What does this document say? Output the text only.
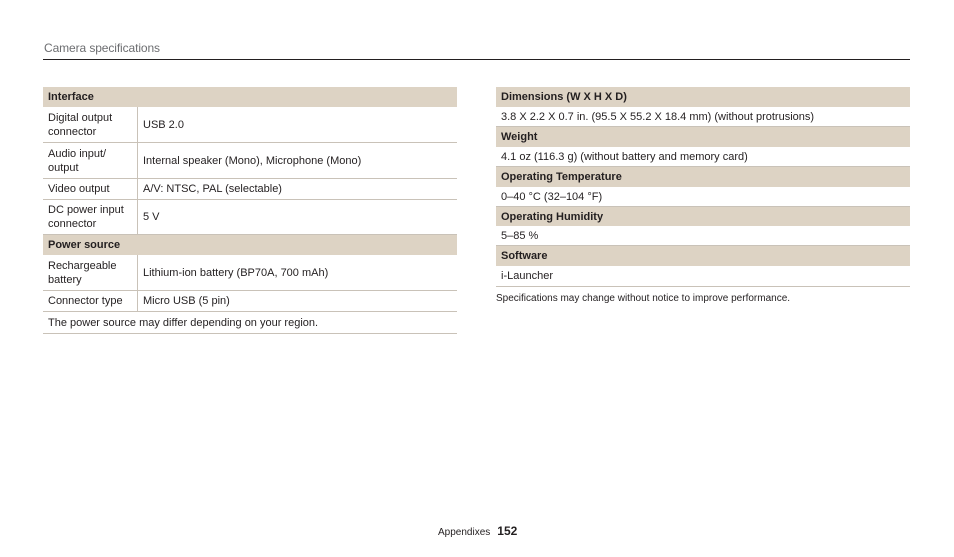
Camera specifications
Interface
Digital output connector
USB 2.0
Audio input/ output
Internal speaker (Mono), Microphone (Mono)
Video output	A/V: NTSC, PAL (selectable)
DC power input connector
5 V
Power source
Rechargeable battery
Lithium-ion battery (BP70A, 700 mAh)
Connector type	Micro USB (5 pin)
The power source may differ depending on your region.
Dimensions (W X H X D)
3.8 X 2.2 X 0.7 in. (95.5 X 55.2 X 18.4 mm) (without protrusions)
Weight
4.1 oz (116.3 g) (without battery and memory card)
Operating Temperature
0–40 °C (32–104 °F)
Operating Humidity
5–85 %
Software
i-Launcher
Specifications may change without notice to improve performance.
Appendixes 152
